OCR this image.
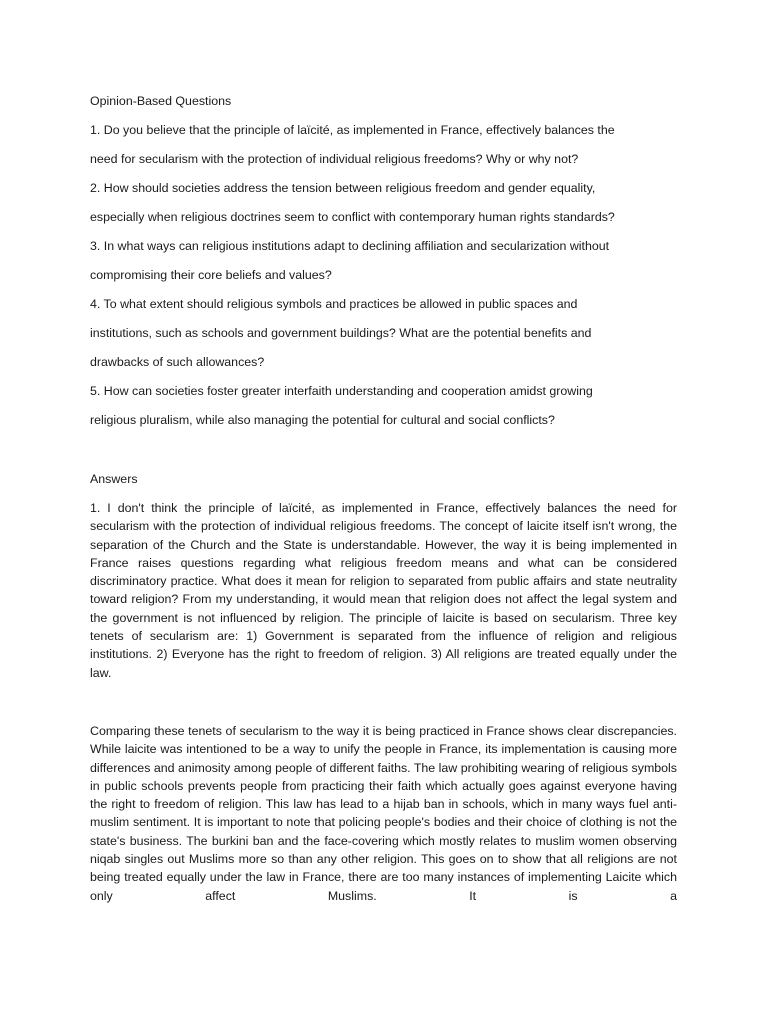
Opinion-Based Questions
1. Do you believe that the principle of laïcité, as implemented in France, effectively balances the
need for secularism with the protection of individual religious freedoms? Why or why not?
2. How should societies address the tension between religious freedom and gender equality,
especially when religious doctrines seem to conflict with contemporary human rights standards?
3. In what ways can religious institutions adapt to declining affiliation and secularization without
compromising their core beliefs and values?
4. To what extent should religious symbols and practices be allowed in public spaces and
institutions, such as schools and government buildings? What are the potential benefits and
drawbacks of such allowances?
5. How can societies foster greater interfaith understanding and cooperation amidst growing
religious pluralism, while also managing the potential for cultural and social conflicts?
Answers

1. I don't think the principle of laïcité, as implemented in France, effectively balances the need for secularism with the protection of individual religious freedoms. The concept of laicite itself isn't wrong, the separation of the Church and the State is understandable. However, the way it is being implemented in France raises questions regarding what religious freedom means and what can be considered discriminatory practice. What does it mean for religion to separated from public affairs and state neutrality toward religion? From my understanding, it would mean that religion does not affect the legal system and the government is not influenced by religion. The principle of laicite is based on secularism. Three key tenets of secularism are: 1) Government is separated from the influence of religion and religious institutions. 2) Everyone has the right to freedom of religion. 3) All religions are treated equally under the law.

Comparing these tenets of secularism to the way it is being practiced in France shows clear discrepancies. While laicite was intentioned to be a way to unify the people in France, its implementation is causing more differences and animosity among people of different faiths. The law prohibiting wearing of religious symbols in public schools prevents people from practicing their faith which actually goes against everyone having the right to freedom of religion. This law has lead to a hijab ban in schools, which in many ways fuel anti-muslim sentiment. It is important to note that policing people's bodies and their choice of clothing is not the state's business. The burkini ban and the face-covering which mostly relates to muslim women observing niqab singles out Muslims more so than any other religion. This goes on to show that all religions are not being treated equally under the law in France, there are too many instances of implementing Laicite which only affect Muslims. It is a
